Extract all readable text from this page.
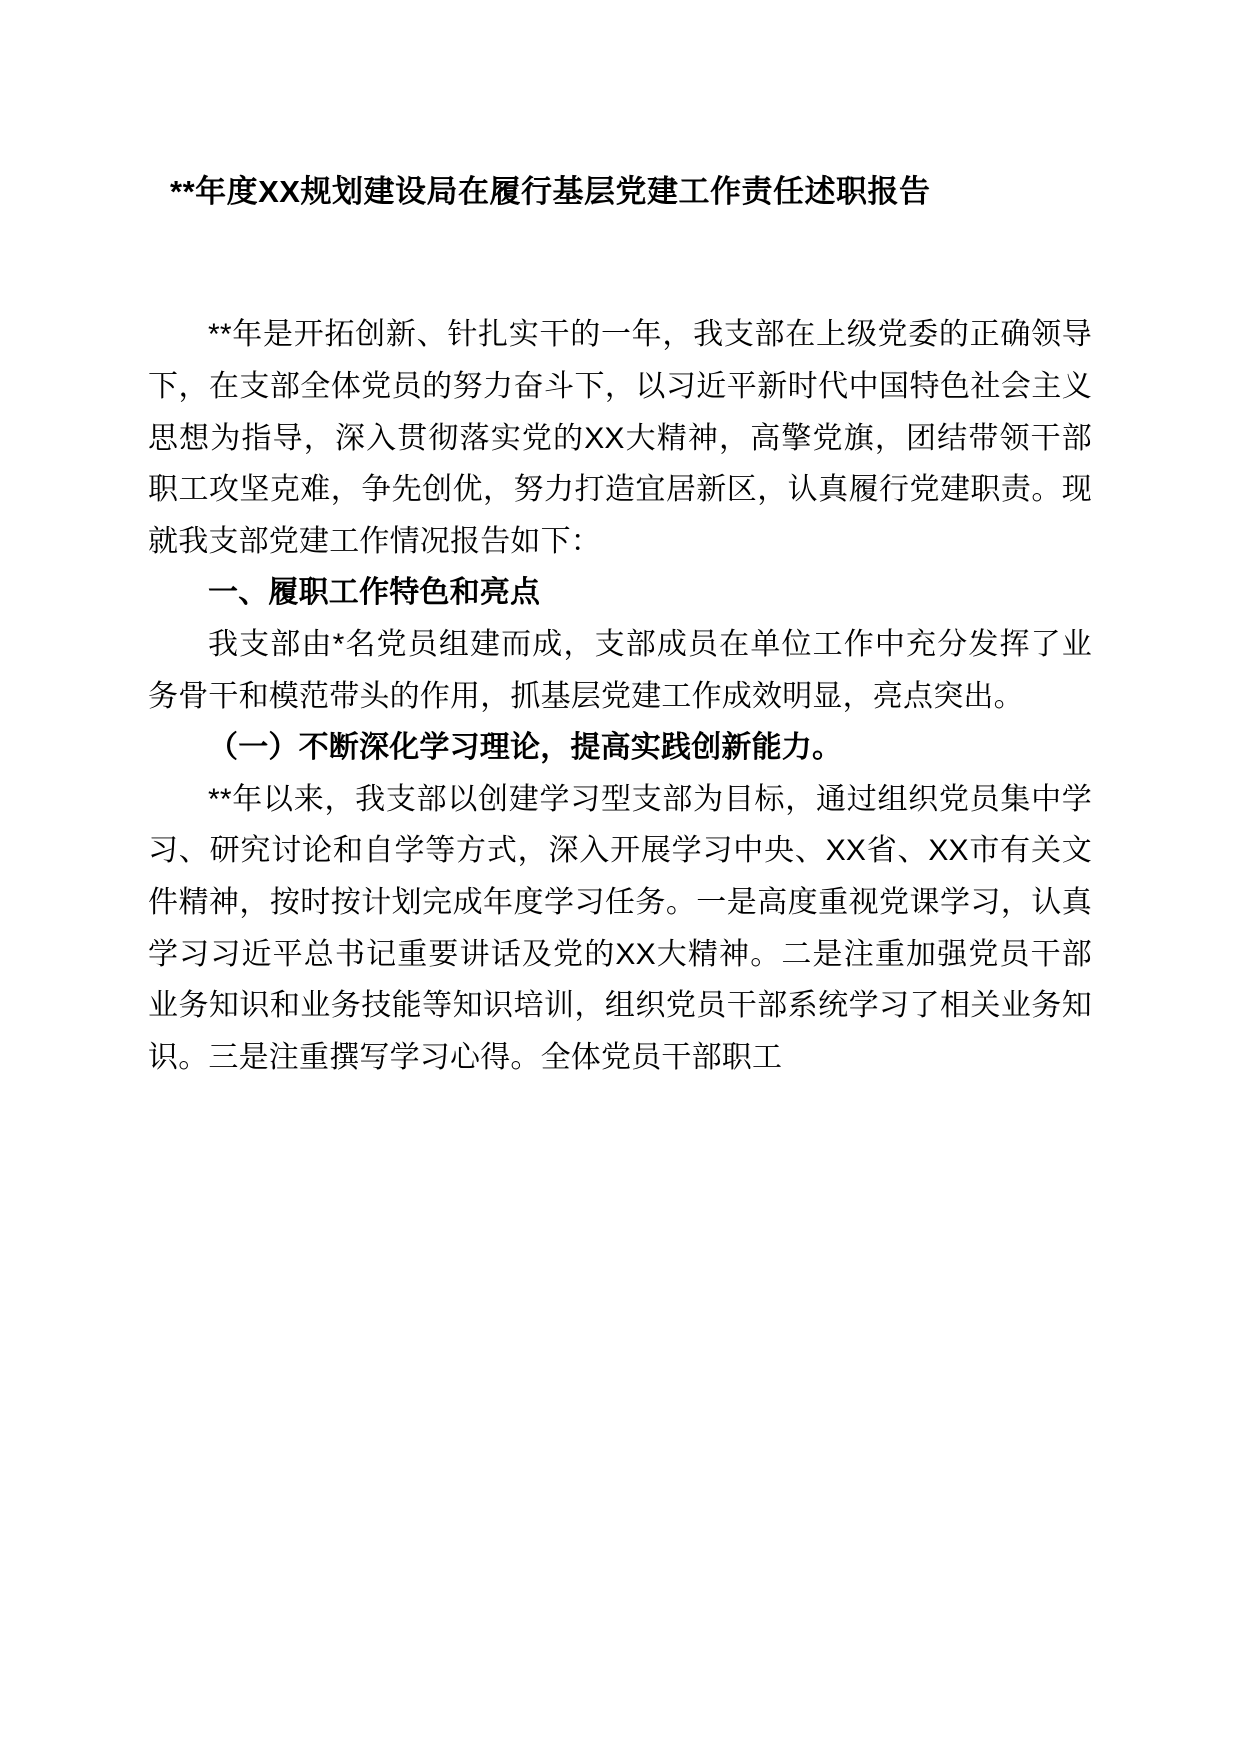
**年度XX规划建设局在履行基层党建工作责任述职报告

**年是开拓创新、针扎实干的一年，我支部在上级党委的正确领导下，在支部全体党员的努力奋斗下，以习近平新时代中国特色社会主义思想为指导，深入贯彻落实党的XX大精神，高擎党旗，团结带领干部职工攻坚克难，争先创优，努力打造宜居新区，认真履行党建职责。现就我支部党建工作情况报告如下：

一、履职工作特色和亮点

我支部由*名党员组建而成，支部成员在单位工作中充分发挥了业务骨干和模范带头的作用，抓基层党建工作成效明显，亮点突出。

（一）不断深化学习理论，提高实践创新能力。

**年以来，我支部以创建学习型支部为目标，通过组织党员集中学习、研究讨论和自学等方式，深入开展学习中央、XX省、XX市有关文件精神，按时按计划完成年度学习任务。一是高度重视党课学习，认真学习习近平总书记重要讲话及党的XX大精神。二是注重加强党员干部业务知识和业务技能等知识培训，组织党员干部系统学习了相关业务知识。三是注重撰写学习心得。全体党员干部职工
